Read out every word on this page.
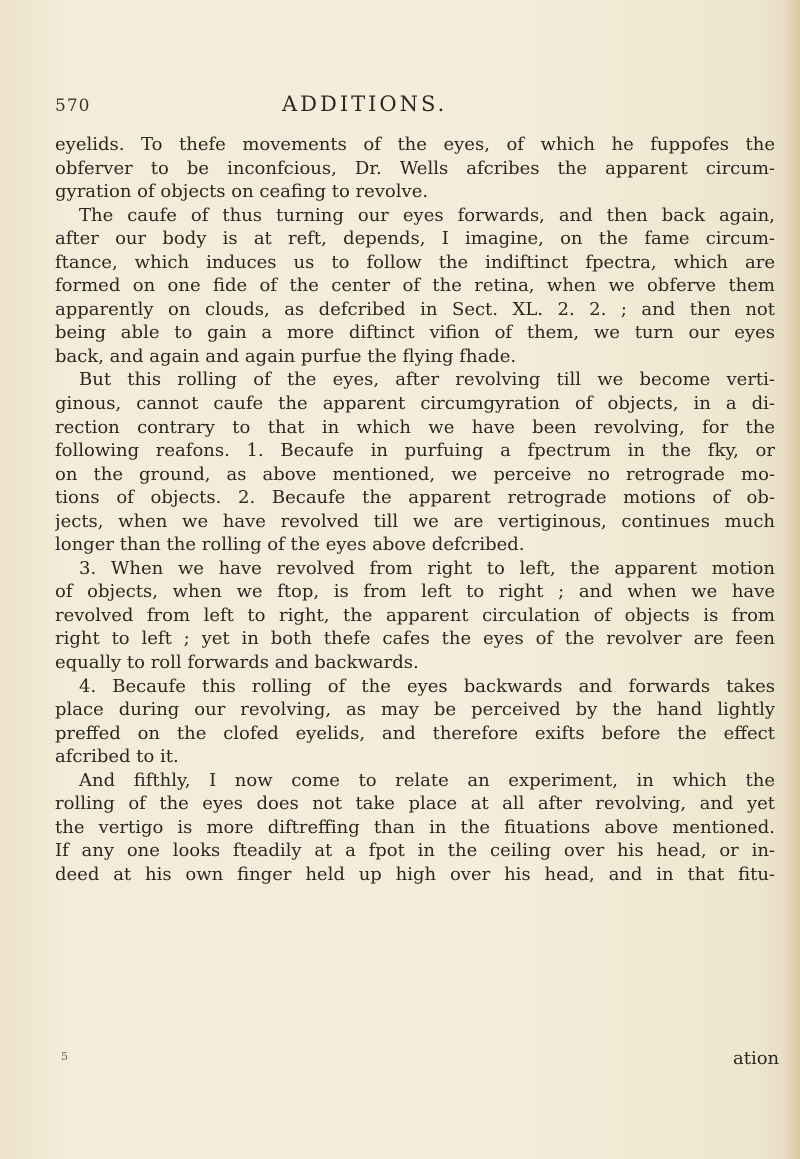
570	ADDITIONS.
eyelids. To thefe movements of the eyes, of which he fuppofes the
obferver to be inconfcious, Dr. Wells afcribes the apparent circum-
gyration of objects on ceafing to revolve.
The caufe of thus turning our eyes forwards, and then back again,
after our body is at reft, depends, I imagine, on the fame circum-
ftance, which induces us to follow the indiftinct fpectra, which are
formed on one fide of the center of the retina, when we obferve them
apparently on clouds, as defcribed in Sect. XL. 2. 2. ; and then not
being able to gain a more diftinct vifion of them, we turn our eyes
back, and again and again purfue the flying fhade.
But this rolling of the eyes, after revolving till we become verti-
ginous, cannot caufe the apparent circumgyration of objects, in a di-
rection contrary to that in which we have been revolving, for the
following reafons. 1. Becaufe in purfuing a fpectrum in the fky, or
on the ground, as above mentioned, we perceive no retrograde mo-
tions of objects. 2. Becaufe the apparent retrograde motions of ob-
jects, when we have revolved till we are vertiginous, continues much
longer than the rolling of the eyes above defcribed.
3. When we have revolved from right to left, the apparent motion
of objects, when we ftop, is from left to right ; and when we have
revolved from left to right, the apparent circulation of objects is from
right to left ; yet in both thefe cafes the eyes of the revolver are feen
equally to roll forwards and backwards.
4. Becaufe this rolling of the eyes backwards and forwards takes
place during our revolving, as may be perceived by the hand lightly
preffed on the clofed eyelids, and therefore exifts before the effect
afcribed to it.
And fifthly, I now come to relate an experiment, in which the
rolling of the eyes does not take place at all after revolving, and yet
the vertigo is more diftreffing than in the fituations above mentioned.
If any one looks fteadily at a fpot in the ceiling over his head, or in-
deed at his own finger held up high over his head, and in that fitu-
5	ation
